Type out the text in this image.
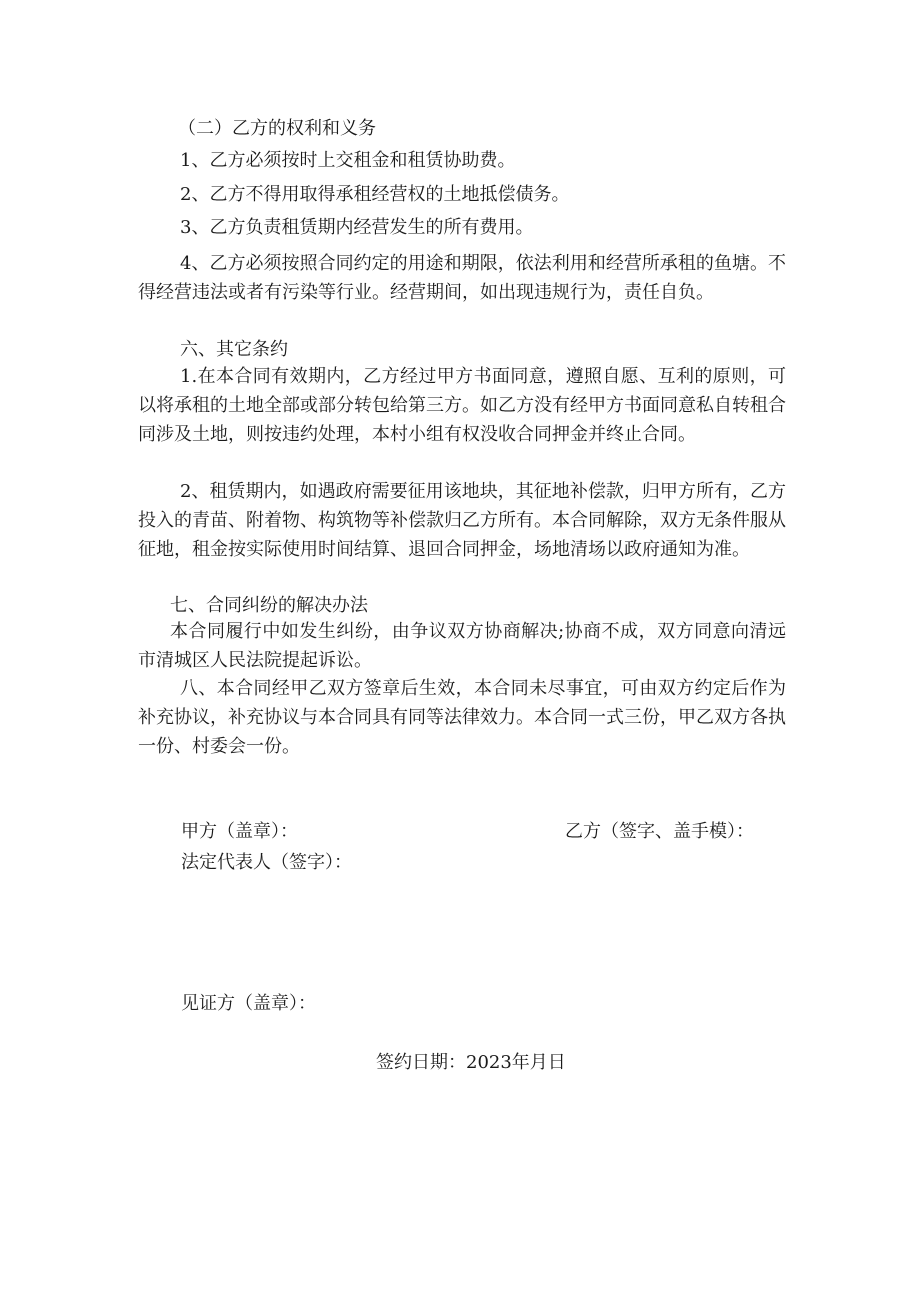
（二）乙方的权利和义务

1、乙方必须按时上交租金和租赁协助费。

2、乙方不得用取得承租经营权的土地抵偿债务。

3、乙方负责租赁期内经营发生的所有费用。

4、乙方必须按照合同约定的用途和期限，依法利用和经营所承租的鱼塘。不得经营违法或者有污染等行业。经营期间，如出现违规行为，责任自负。

六、其它条约

1.在本合同有效期内，乙方经过甲方书面同意，遵照自愿、互利的原则，可以将承租的土地全部或部分转包给第三方。如乙方没有经甲方书面同意私自转租合同涉及土地，则按违约处理，本村小组有权没收合同押金并终止合同。

2、租赁期内，如遇政府需要征用该地块，其征地补偿款，归甲方所有，乙方投入的青苗、附着物、构筑物等补偿款归乙方所有。本合同解除，双方无条件服从征地，租金按实际使用时间结算、退回合同押金，场地清场以政府通知为准。

七、合同纠纷的解决办法

本合同履行中如发生纠纷，由争议双方协商解决;协商不成，双方同意向清远市清城区人民法院提起诉讼。

八、本合同经甲乙双方签章后生效，本合同未尽事宜，可由双方约定后作为补充协议，补充协议与本合同具有同等法律效力。本合同一式三份，甲乙双方各执一份、村委会一份。

甲方（盖章）：	乙方（签字、盖手模）：
法定代表人（签字）：
见证方（盖章）：
签约日期：2023年月日
